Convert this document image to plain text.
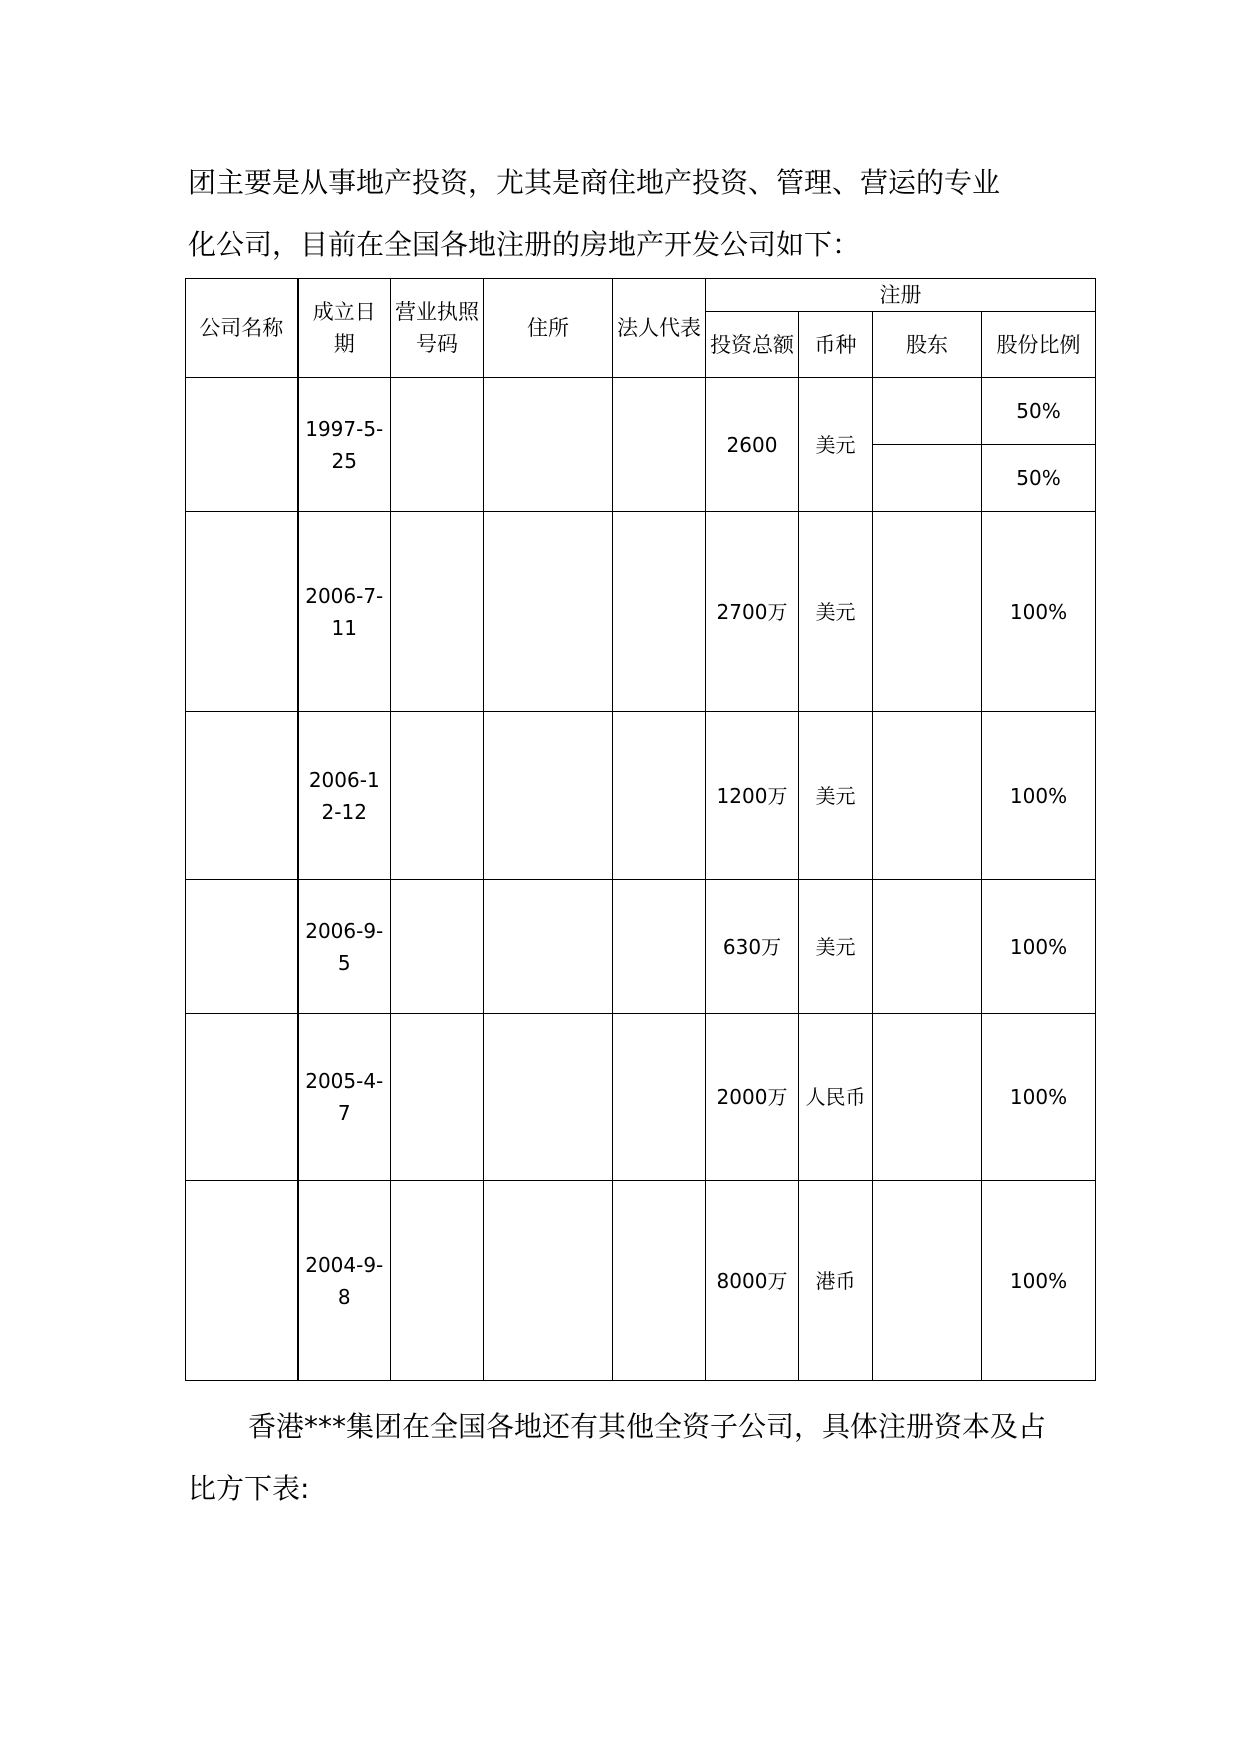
团主要是从事地产投资，尤其是商住地产投资、管理、营运的专业
化公司，目前在全国各地注册的房地产开发公司如下：

公司名称	成立日期	营业执照号码	住所	法人代表	注册			
					投资总额	币种	股东	股份比例
	1997-5-25				2600	美元		50%
								50%
	2006-7-11				2700万	美元		100%
	2006-12-12				1200万	美元		100%
	2006-9-5				630万	美元		100%
	2005-4-7				2000万	人民币		100%
	2004-9-8				8000万	港币		100%

香港***集团在全国各地还有其他全资子公司，具体注册资本及占比方下表:
